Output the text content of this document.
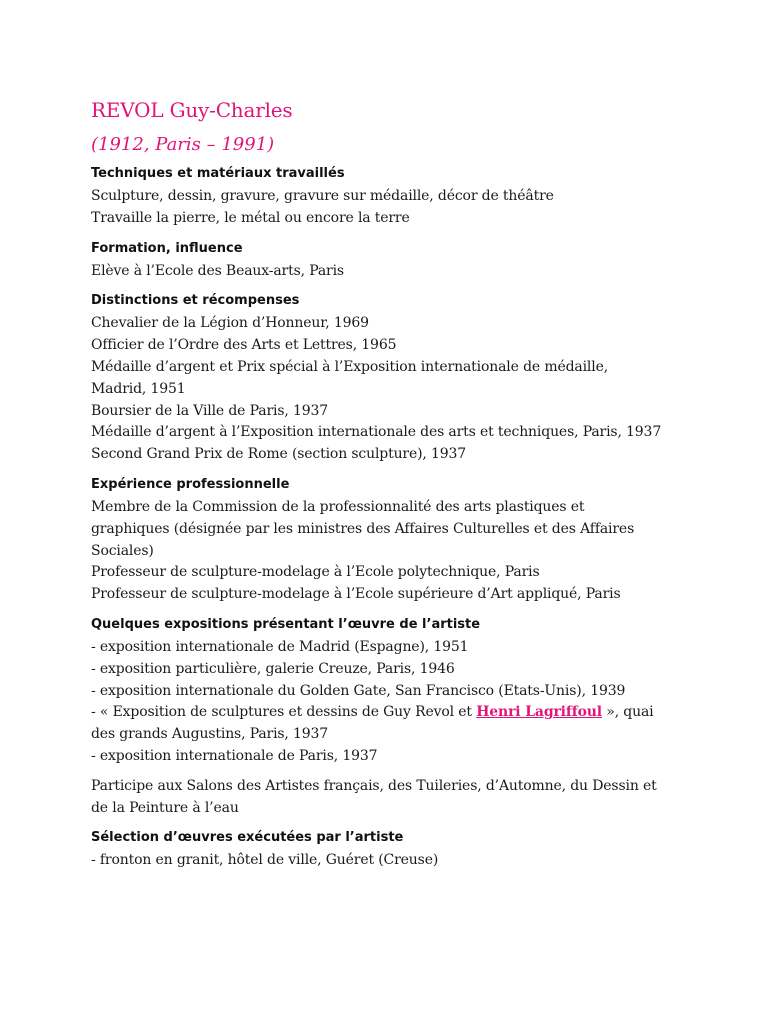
REVOL Guy-Charles
(1912, Paris – 1991)
Techniques et matériaux travaillés
Sculpture, dessin, gravure, gravure sur médaille, décor de théâtre
Travaille la pierre, le métal ou encore la terre
Formation, influence
Elève à l’Ecole des Beaux-arts, Paris
Distinctions et récompenses
Chevalier de la Légion d’Honneur, 1969
Officier de l’Ordre des Arts et Lettres, 1965
Médaille d’argent et Prix spécial à l’Exposition internationale de médaille,
Madrid, 1951
Boursier de la Ville de Paris, 1937
Médaille d’argent à l’Exposition internationale des arts et techniques, Paris, 1937
Second Grand Prix de Rome (section sculpture), 1937
Expérience professionnelle
Membre de la Commission de la professionnalité des arts plastiques et
graphiques (désignée par les ministres des Affaires Culturelles et des Affaires
Sociales)
Professeur de sculpture-modelage à l’Ecole polytechnique, Paris
Professeur de sculpture-modelage à l’Ecole supérieure d’Art appliqué, Paris
Quelques expositions présentant l’œuvre de l’artiste
- exposition internationale de Madrid (Espagne), 1951
- exposition particulière, galerie Creuze, Paris, 1946
- exposition internationale du Golden Gate, San Francisco (Etats-Unis), 1939
- « Exposition de sculptures et dessins de Guy Revol et Henri Lagriffoul », quai
des grands Augustins, Paris, 1937
- exposition internationale de Paris, 1937
Participe aux Salons des Artistes français, des Tuileries, d’Automne, du Dessin et
de la Peinture à l’eau
Sélection d’œuvres exécutées par l’artiste
- fronton en granit, hôtel de ville, Guéret (Creuse)
